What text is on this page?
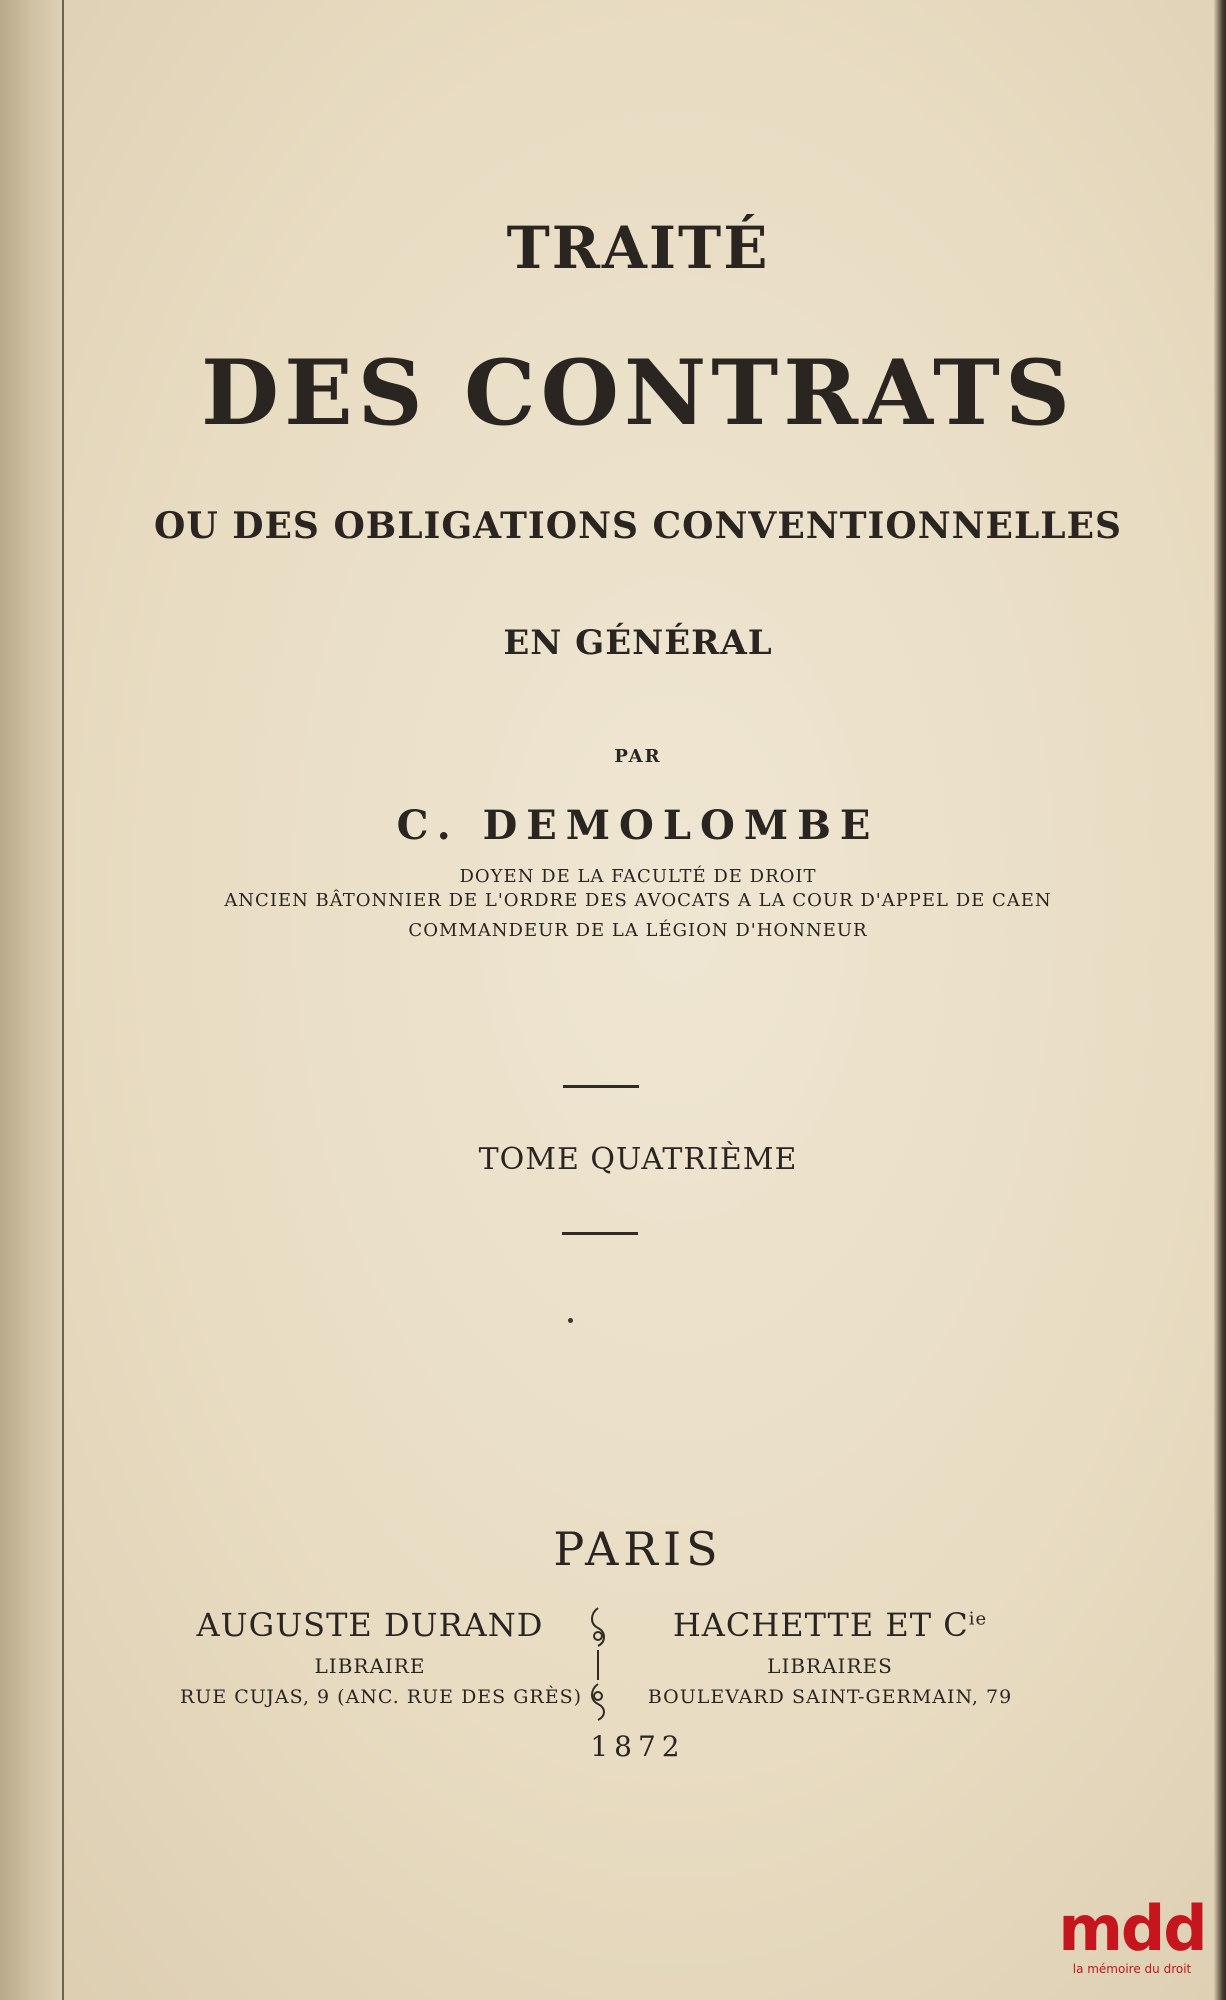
TRAITÉ
DES CONTRATS
OU DES OBLIGATIONS CONVENTIONNELLES
EN GÉNÉRAL
PAR
C. DEMOLOMBE
DOYEN DE LA FACULTÉ DE DROIT
ANCIEN BÂTONNIER DE L'ORDRE DES AVOCATS A LA COUR D'APPEL DE CAEN
COMMANDEUR DE LA LÉGION D'HONNEUR
TOME QUATRIÈME
PARIS
AUGUSTE DURAND
LIBRAIRE
RUE CUJAS, 9 (ANC. RUE DES GRÈS)
HACHETTE ET $C^{ie}$
LIBRAIRES
BOULEVARD SAINT-GERMAIN, 79
1872
mdd
la mémoire du droit
